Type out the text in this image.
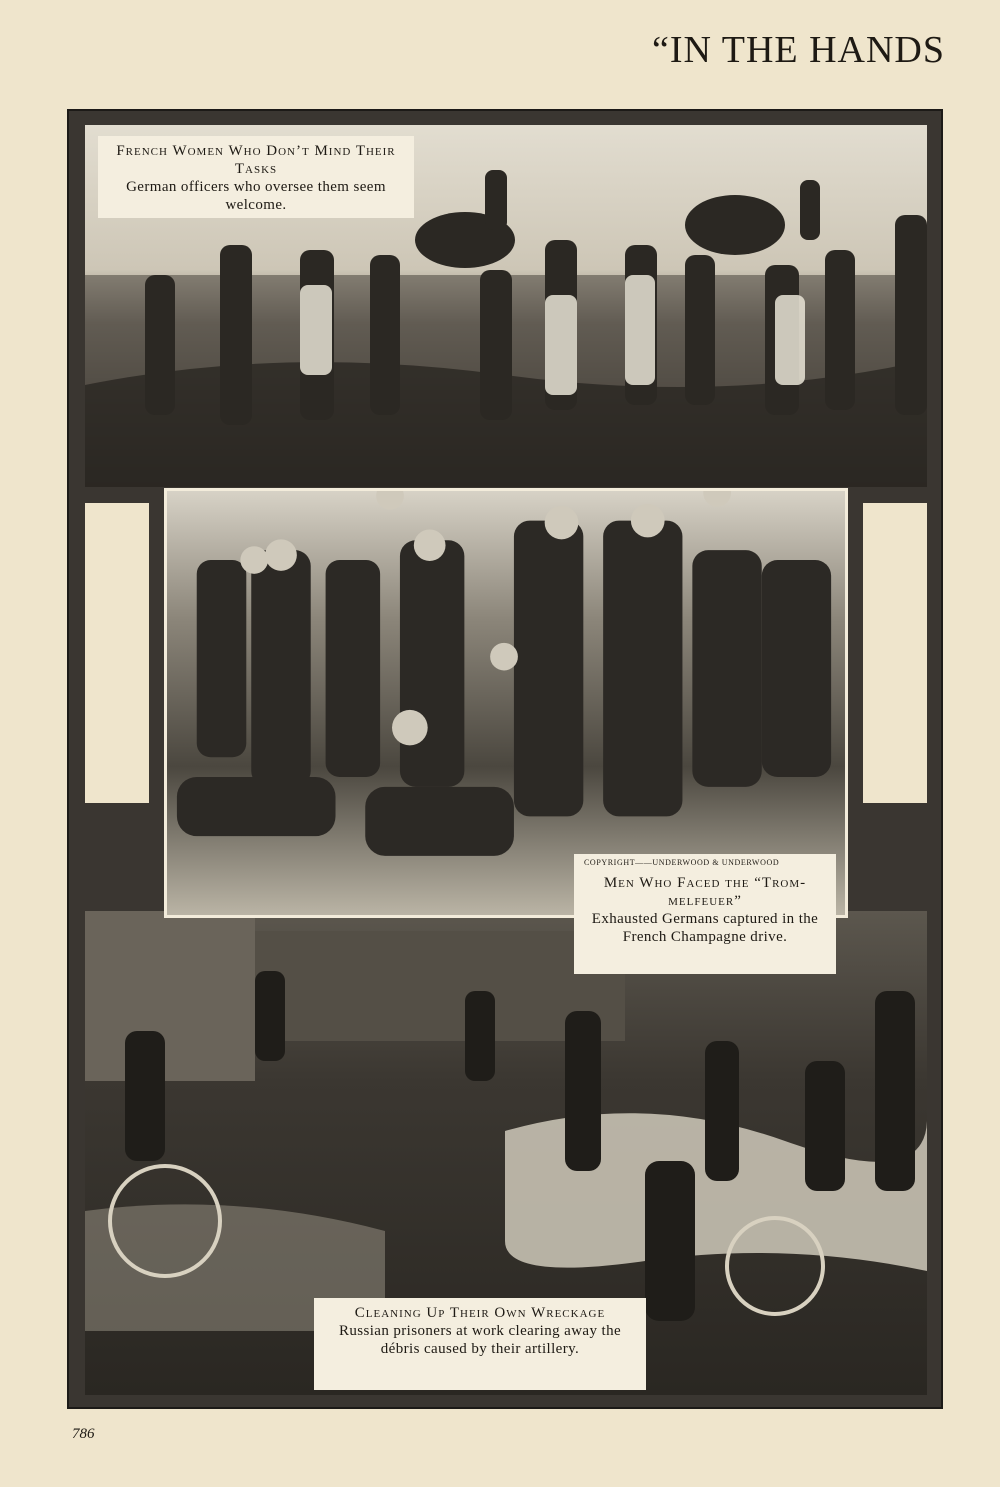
“IN THE HANDS
French Women Who Don’t Mind Their Tasks
German officers who oversee them seem welcome.
COPYRIGHT——UNDERWOOD & UNDERWOOD
Men Who Faced the “Trom-melfeuer”
Exhausted Germans captured in the French Champagne drive.
Cleaning Up Their Own Wreckage
Russian prisoners at work clearing away the débris caused by their artillery.
786
